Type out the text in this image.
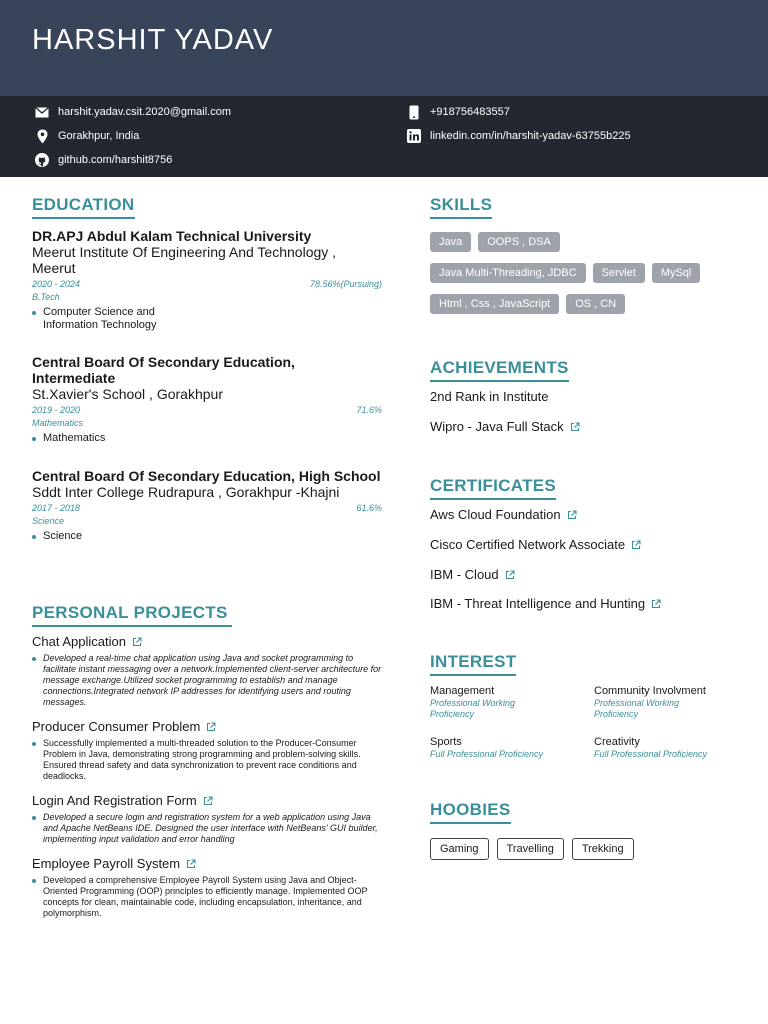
HARSHIT YADAV
harshit.yadav.csit.2020@gmail.com	+918756483557
Gorakhpur, India	linkedin.com/in/harshit-yadav-63755b225
github.com/harshit8756
EDUCATION
DR.APJ Abdul Kalam Technical University
Meerut Institute Of Engineering And Technology , Meerut
2020 - 2024	78.56%(Pursuing)
B.Tech
Computer Science and Information Technology
Central Board Of Secondary Education, Intermediate
St.Xavier's School , Gorakhpur
2019 - 2020	71.6%
Mathematics
Mathematics
Central Board Of Secondary Education, High School
Sddt Inter College Rudrapura , Gorakhpur -Khajni
2017 - 2018	61.6%
Science
Science
PERSONAL PROJECTS
Chat Application
Developed a real-time chat application using Java and socket programming to facilitate instant messaging over a network.Implemented client-server architecture for message exchange.Utilized socket programming to establish and manage connections.Integrated network IP addresses for identifying users and routing messages.
Producer Consumer Problem
Successfully implemented a multi-threaded solution to the Producer-Consumer Problem in Java, demonstrating strong programming and problem-solving skills. Ensured thread safety and data synchronization to prevent race conditions and deadlocks.
Login And Registration Form
Developed a secure login and registration system for a web application using Java and Apache NetBeans IDE. Designed the user interface with NetBeans' GUI builder, implementing input validation and error handling
Employee Payroll System
Developed a comprehensive Employee Payroll System using Java and Object-Oriented Programming (OOP) principles to efficiently manage. Implemented OOP concepts for clean, maintainable code, including encapsulation, inheritance, and polymorphism.
SKILLS
Java	OOPS , DSA
Java Multi-Threading, JDBC	Servlet	MySql
Html , Css , JavaScript	OS , CN
ACHIEVEMENTS
2nd Rank in Institute
Wipro - Java Full Stack
CERTIFICATES
Aws Cloud Foundation
Cisco Certified Network Associate
IBM - Cloud
IBM - Threat Intelligence and Hunting
INTEREST
Management
Professional Working Proficiency
Community Involvment
Professional Working Proficiency
Sports
Full Professional Proficiency
Creativity
Full Professional Proficiency
HOOBIES
Gaming	Travelling	Trekking
